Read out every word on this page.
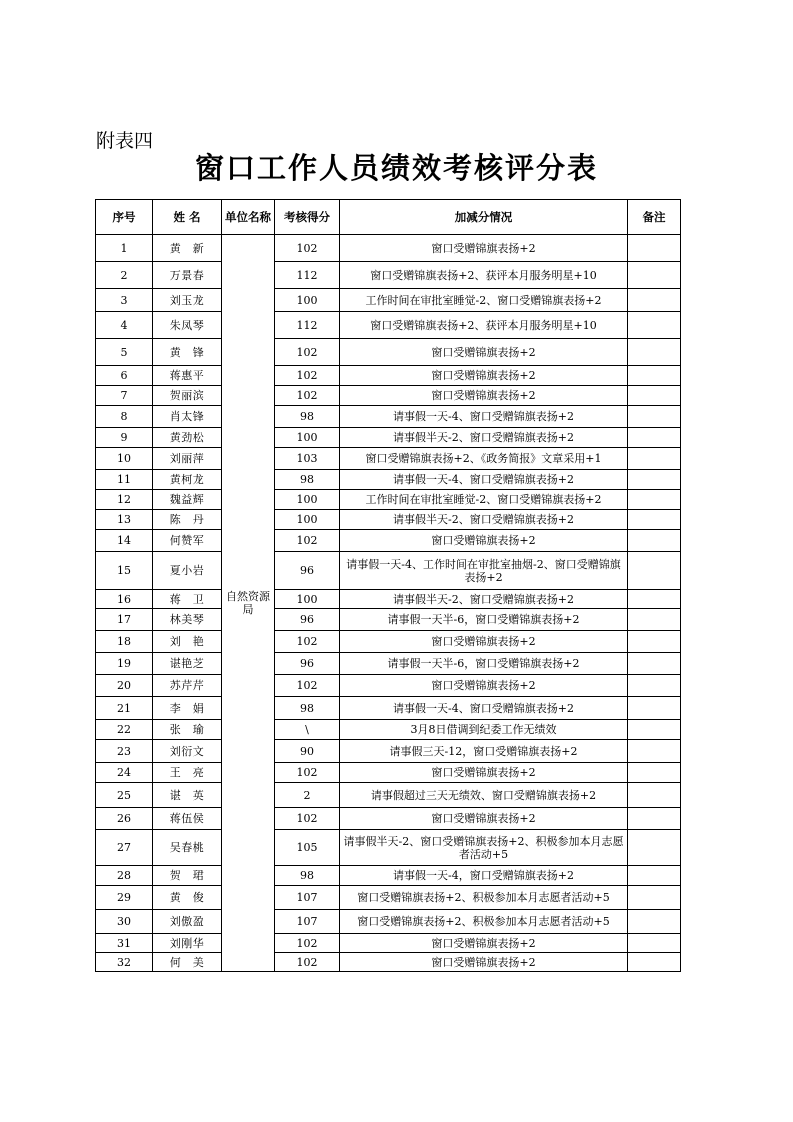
附表四
窗口工作人员绩效考核评分表
序号	姓 名	单位名称	考核得分	加减分情况	备注
1	黄　新	自然资源局	102	窗口受赠锦旗表扬+2	
2	万景春		112	窗口受赠锦旗表扬+2、获评本月服务明星+10	
3	刘玉龙		100	工作时间在审批室睡觉-2、窗口受赠锦旗表扬+2	
4	朱凤琴		112	窗口受赠锦旗表扬+2、获评本月服务明星+10	
5	黄　锋		102	窗口受赠锦旗表扬+2	
6	蒋惠平		102	窗口受赠锦旗表扬+2	
7	贺丽滨		102	窗口受赠锦旗表扬+2	
8	肖太锋		98	请事假一天-4、窗口受赠锦旗表扬+2	
9	黄劲松		100	请事假半天-2、窗口受赠锦旗表扬+2	
10	刘丽萍		103	窗口受赠锦旗表扬+2、《政务简报》文章采用+1	
11	黄柯龙		98	请事假一天-4、窗口受赠锦旗表扬+2	
12	魏益辉		100	工作时间在审批室睡觉-2、窗口受赠锦旗表扬+2	
13	陈　丹		100	请事假半天-2、窗口受赠锦旗表扬+2	
14	何赞军		102	窗口受赠锦旗表扬+2	
15	夏小岩		96	请事假一天-4、工作时间在审批室抽烟-2、窗口受赠锦旗表扬+2	
16	蒋　卫		100	请事假半天-2、窗口受赠锦旗表扬+2	
17	林美琴		96	请事假一天半-6，窗口受赠锦旗表扬+2	
18	刘　艳		102	窗口受赠锦旗表扬+2	
19	谌艳芝		96	请事假一天半-6，窗口受赠锦旗表扬+2	
20	苏芹芹		102	窗口受赠锦旗表扬+2	
21	李　娟		98	请事假一天-4、窗口受赠锦旗表扬+2	
22	张　瑜		\	3月8日借调到纪委工作无绩效	
23	刘衍文		90	请事假三天-12，窗口受赠锦旗表扬+2	
24	王　亮		102	窗口受赠锦旗表扬+2	
25	谌　英		2	请事假超过三天无绩效、窗口受赠锦旗表扬+2	
26	蒋伍侯		102	窗口受赠锦旗表扬+2	
27	吴春桃		105	请事假半天-2、窗口受赠锦旗表扬+2、积极参加本月志愿者活动+5	
28	贺　珺		98	请事假一天-4，窗口受赠锦旗表扬+2	
29	黄　俊		107	窗口受赠锦旗表扬+2、积极参加本月志愿者活动+5	
30	刘傲盈		107	窗口受赠锦旗表扬+2、积极参加本月志愿者活动+5	
31	刘刚华		102	窗口受赠锦旗表扬+2	
32	何　美		102	窗口受赠锦旗表扬+2	
